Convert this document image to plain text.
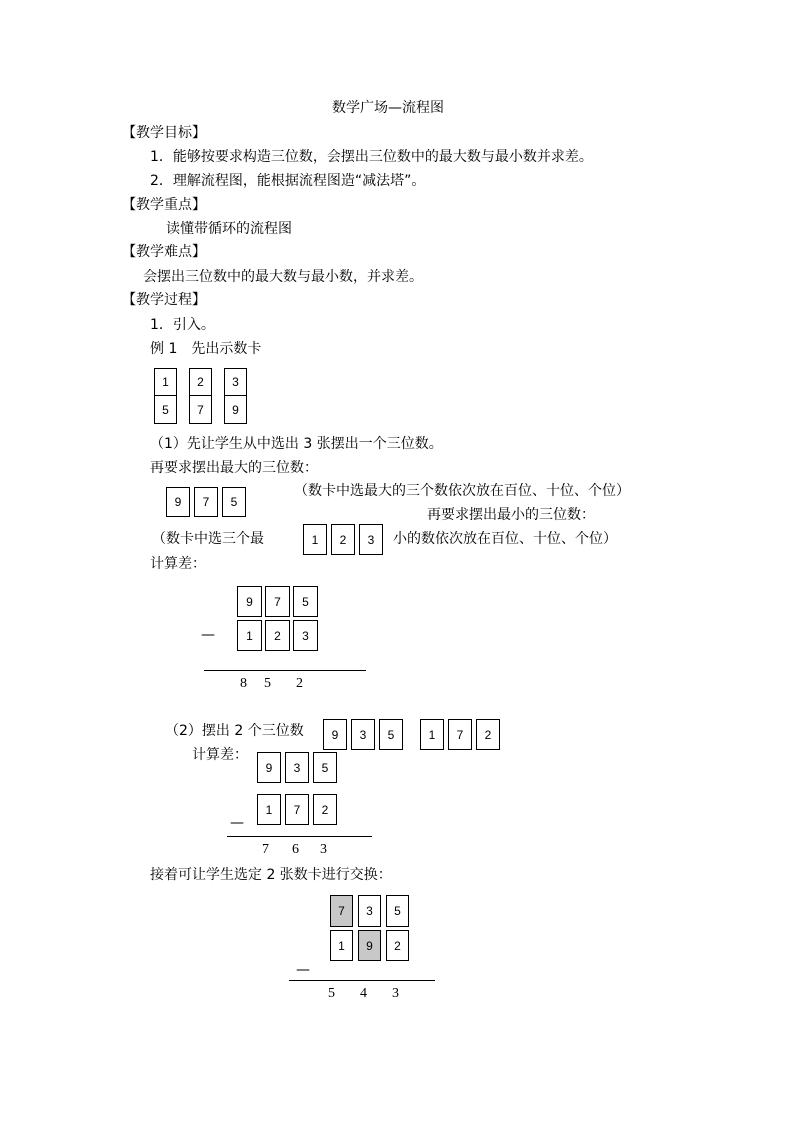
数学广场—流程图
【教学目标】
1．能够按要求构造三位数，会摆出三位数中的最大数与最小数并求差。
2．理解流程图，能根据流程图造“减法塔”。
【教学重点】
读懂带循环的流程图
【教学难点】
会摆出三位数中的最大数与最小数，并求差。
【教学过程】
1．引入。
例 1　先出示数卡
1	2	3
5	7	9
（1）先让学生从中选出 3 张摆出一个三位数。
再要求摆出最大的三位数：
9	7	5
（数卡中选最大的三个数依次放在百位、十位、个位）
再要求摆出最小的三位数：
（数卡中选三个最	1	2	3	小的数依次放在百位、十位、个位）
计算差：
9	7	5
—	1	2	3
8 5 2
（2）摆出 2 个三位数	9	3	5	1	7	2
计算差：
9	3	5
1	7	2
—
7 6 3
接着可让学生选定 2 张数卡进行交换：
7	3	5
1	9	2
—
5 4 3
